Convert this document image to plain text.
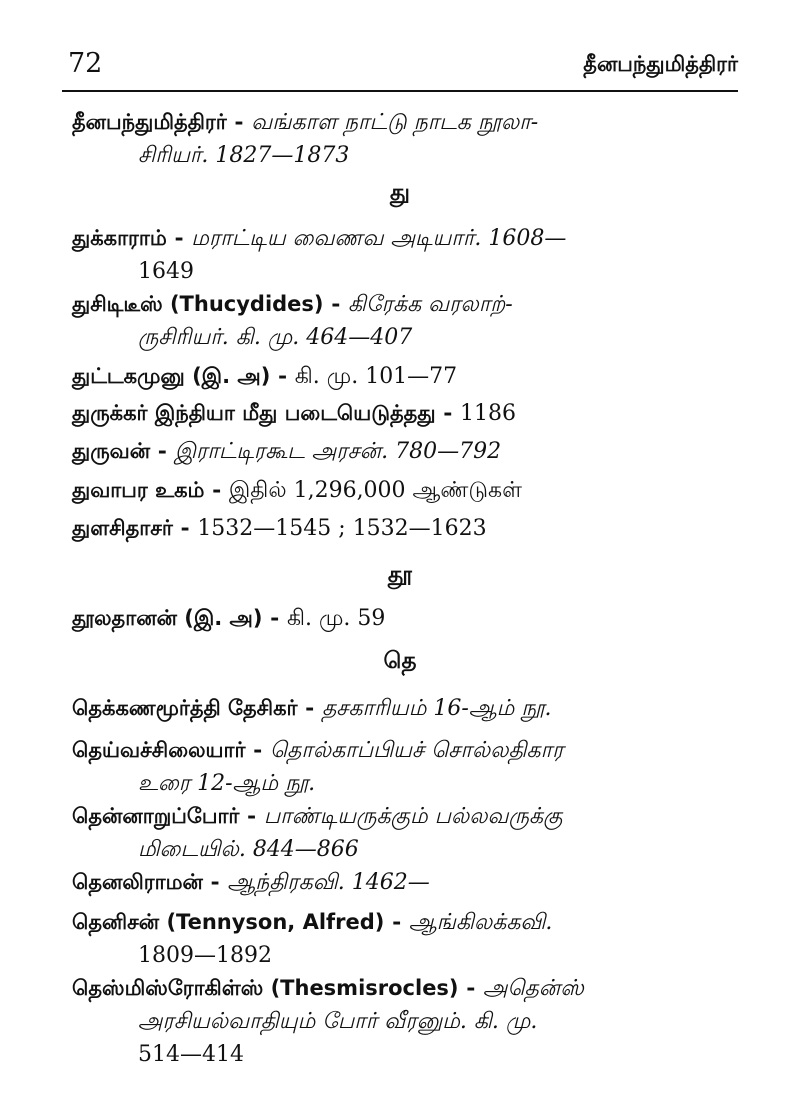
72	தீனபந்துமித்திரர்
தீனபந்துமித்திரர் - வங்காள நாட்டு நாடக நூலா-
சிரியர். 1827—1873
து
துக்காராம் - மராட்டிய வைணவ அடியார். 1608—
1649
துசிடிடீஸ் (Thucydides) - கிரேக்க வரலாற்-
ருசிரியர். கி. மு. 464—407
துட்டகமுனு (இ. அ) - கி. மு. 101—77
துருக்கர் இந்தியா மீது படையெடுத்தது - 1186
துருவன் - இராட்டிரகூட அரசன். 780—792
துவாபர உகம் - இதில் 1,296,000 ஆண்டுகள்
துளசிதாசர் - 1532—1545 ; 1532—1623
தூ
தூலதானன் (இ. அ) - கி. மு. 59
தெ
தெக்கணமூர்த்தி தேசிகர் - தசகாரியம் 16-ஆம் நூ.
தெய்வச்சிலையார் - தொல்காப்பியச் சொல்லதிகார
உரை 12-ஆம் நூ.
தென்னாறுப்போர் - பாண்டியருக்கும் பல்லவருக்கு
மிடையில். 844—866
தெனலிராமன் - ஆந்திரகவி. 1462—
தெனிசன் (Tennyson, Alfred) - ஆங்கிலக்கவி.
1809—1892
தெஸ்மிஸ்ரோகிள்ஸ் (Thesmisrocles) - அதென்ஸ்
அரசியல்வாதியும் போர் வீரனும். கி. மு.
514—414
